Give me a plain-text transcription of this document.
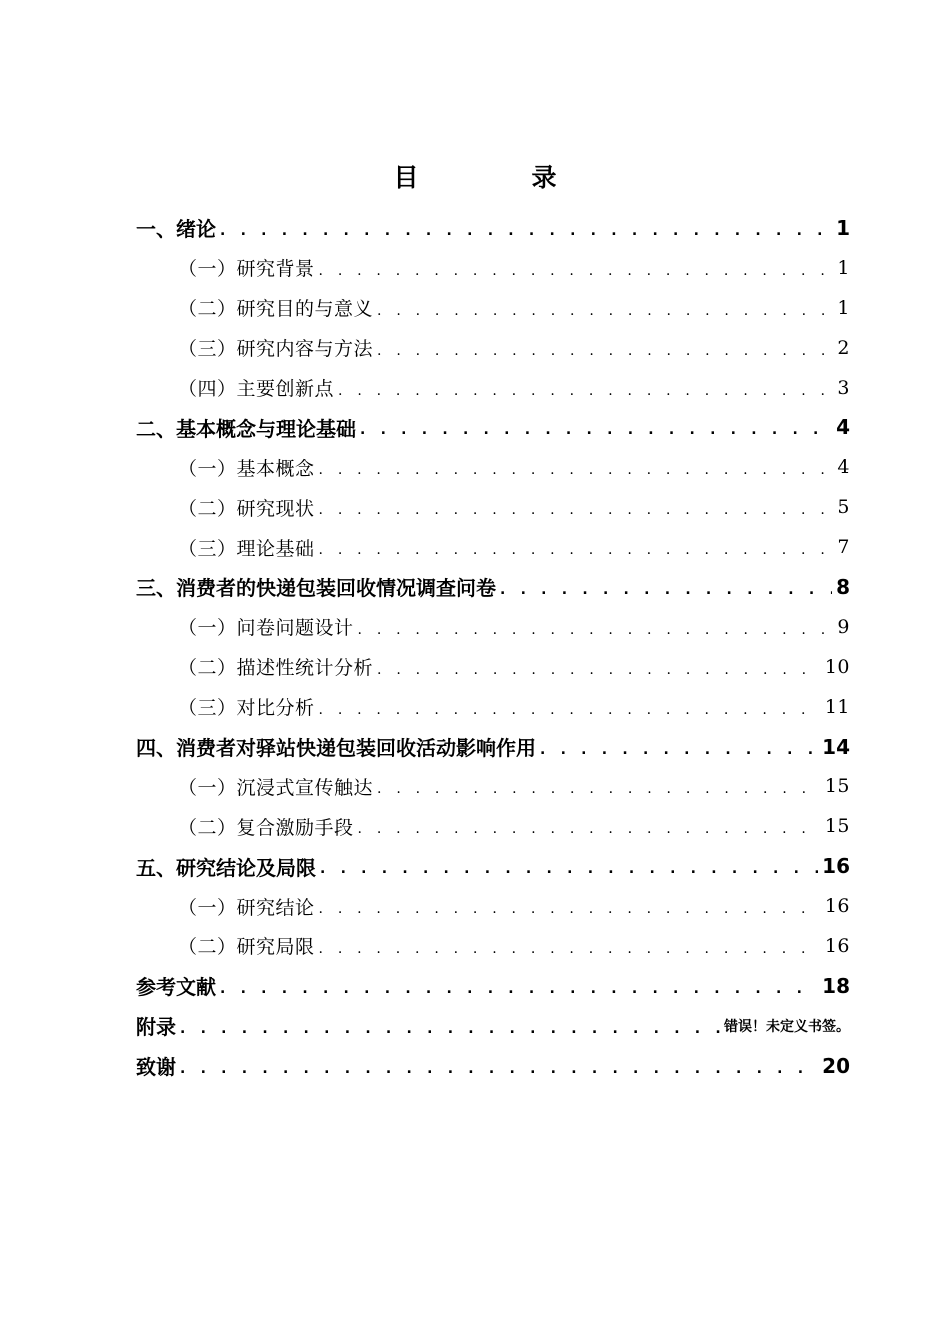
目　录
一、绪论 . . .	1
（一）研究背景 . . .	1
（二）研究目的与意义 . . .	1
（三）研究内容与方法 . . .	2
（四）主要创新点 . . .	3
二、基本概念与理论基础 . . .	4
（一）基本概念 . . .	4
（二）研究现状 . . .	5
（三）理论基础 . . .	7
三、消费者的快递包装回收情况调查问卷 . . .	8
（一）问卷问题设计 . . .	9
（二）描述性统计分析 . . .	10
（三）对比分析 . . .	11
四、消费者对驿站快递包装回收活动影响作用 . . .	14
（一）沉浸式宣传触达 . . .	15
（二）复合激励手段 . . .	15
五、研究结论及局限 . . .	16
（一）研究结论 . . .	16
（二）研究局限 . . .	16
参考文献 . . .	18
附录 . . .	错误！未定义书签。
致谢 . . .	20
